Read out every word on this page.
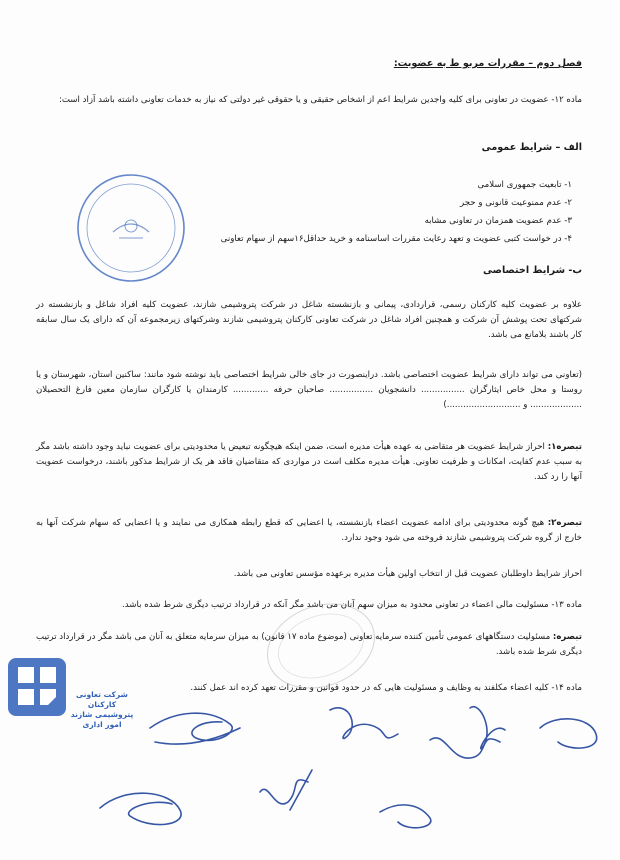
فصل دوم – مقررات مربو ط به عضویت:
ماده ۱۲- عضویت در تعاونی برای کلیه واجدین شرایط اعم از اشخاص حقیقی و یا حقوقی غیر دولتی که نیاز به خدمات تعاونی داشته باشد آزاد است:
الف – شرایط عمومی
۱- تابعیت جمهوری اسلامی
۲- عدم ممنوعیت قانونی و حجر
۳- عدم عضویت همزمان در تعاونی مشابه
۴- در خواست کتبی عضویت و تعهد رعایت مقررات اساسنامه و خرید حداقل۱۶سهم از سهام تعاونی
ب- شرایط اختصاصی
علاوه بر عضویت کلیه کارکنان رسمی، قراردادی، پیمانی و بازنشسته شاغل در شرکت پتروشیمی شازند، عضویت کلیه افراد شاغل و بازنشسته در شرکتهای تحت پوشش آن شرکت و همچنین افراد شاغل در شرکت تعاونی کارکنان پتروشیمی شازند وشرکتهای زیرمجموعه آن که دارای یک سال سابقه کار باشند بلامانع می باشد.
(تعاونی می تواند دارای شرایط عضویت اختصاصی باشد. دراینصورت در جای خالی شرایط اختصاصی باید نوشته شود مانند: ساکنین استان، شهرستان و یا روستا و محل خاص ایثارگران ................ دانشجویان ................ صاحبان حرفه ............. کارمندان یا کارگران سازمان معین فارغ التحصیلان ................... و ...........................)
تبصره۱: احراز شرایط عضویت هر متقاضی به عهده هیأت مدیره است، ضمن اینکه هیچگونه تبعیض یا محدودیتی برای عضویت نباید وجود داشته باشد مگر به سبب عدم کفایت، امکانات و ظرفیت تعاونی. هیأت مدیره مکلف است در مواردی که متقاضیان فاقد هر یک از شرایط مذکور باشند، درخواست عضویت آنها را رد کند.
تبصره۲: هیچ گونه محدودیتی برای ادامه عضویت اعضاء بازنشسته، یا اعضایی که قطع رابطه همکاری می نمایند و یا اعضایی که سهام شرکت آنها به خارج از گروه شرکت پتروشیمی شازند فروخته می شود وجود ندارد.
احراز شرایط داوطلبان عضویت قبل از انتخاب اولین هیأت مدیره برعهده مؤسس تعاونی می باشد.
ماده ۱۳- مسئولیت مالی اعضاء در تعاونی محدود به میزان سهم آنان می باشد مگر آنکه در قرارداد ترتیب دیگری شرط شده باشد.
تبصره: مسئولیت دستگاههای عمومی تأمین کننده سرمایه تعاونی (موضوع ماده ۱۷ قانون) به میزان سرمایه متعلق به آنان می باشد مگر در قرارداد ترتیب دیگری شرط شده باشد.
ماده ۱۴- کلیه اعضاء مکلفند به وظایف و مسئولیت هایی که در حدود قوانین و مقررات تعهد کرده اند عمل کنند.
شرکت تعاونی کارکنان
پتروشیمی شازند
امور اداری
